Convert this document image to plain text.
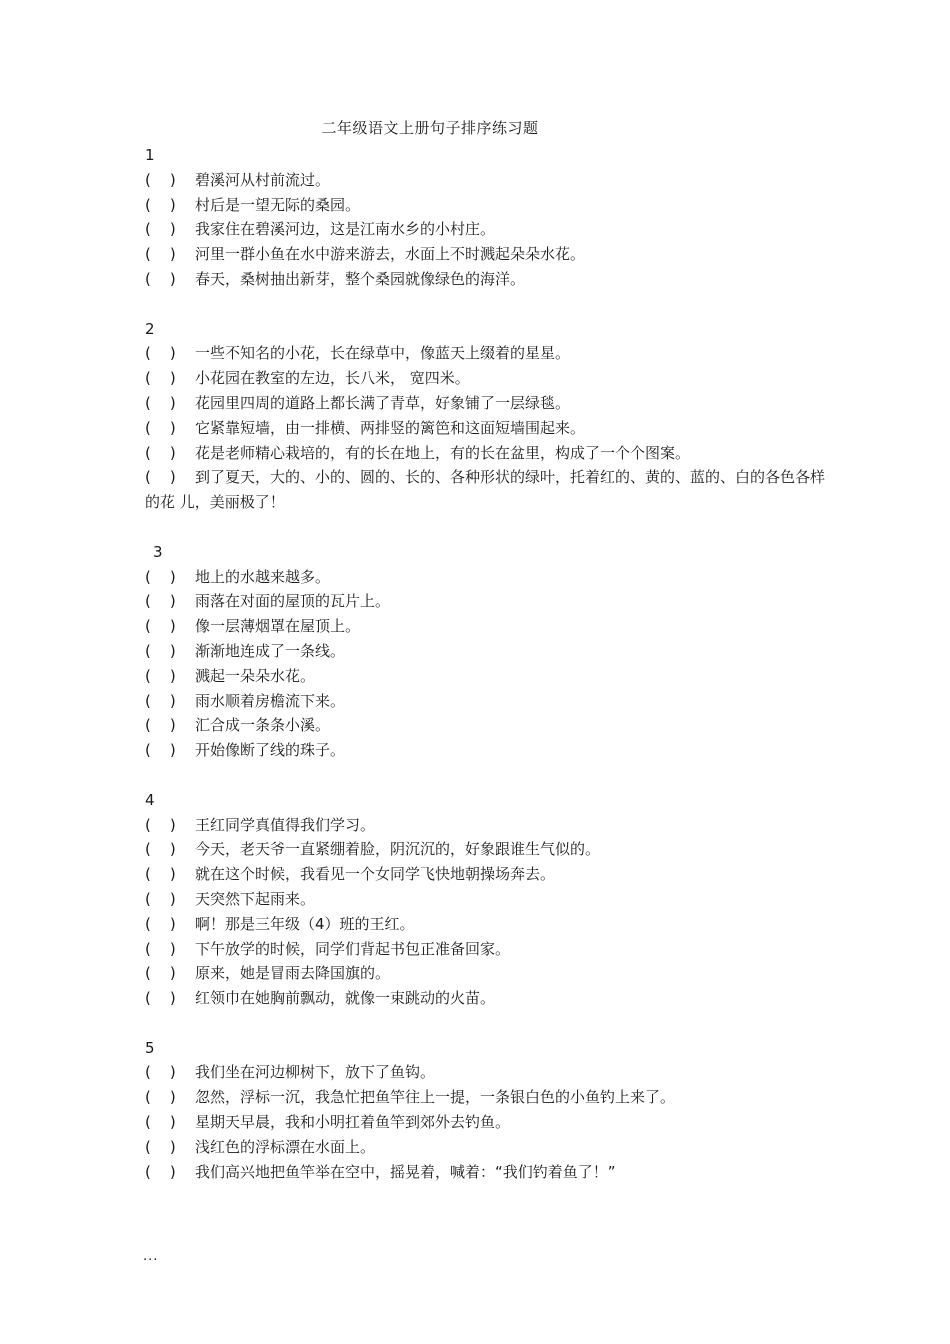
二年级语文上册句子排序练习题
1
(    )	碧溪河从村前流过。
(    )	村后是一望无际的桑园。
(    )	我家住在碧溪河边，这是江南水乡的小村庄。
(    )	河里一群小鱼在水中游来游去，水面上不时溅起朵朵水花。
(    )	春天，桑树抽出新芽，整个桑园就像绿色的海洋。
2
(    )	一些不知名的小花，长在绿草中，像蓝天上缀着的星星。
(    )	小花园在教室的左边，长八米， 宽四米。
(    )	花园里四周的道路上都长满了青草，好象铺了一层绿毯。
(    )	它紧靠短墙，由一排横、两排竖的篱笆和这面短墙围起来。
(    )	花是老师精心栽培的，有的长在地上，有的长在盆里，构成了一个个图案。
(    ) 到了夏天，大的、小的、圆的、长的、各种形状的绿叶，托着红的、黄的、蓝的、白的各色各样的花 儿，美丽极了！
3
(    )	地上的水越来越多。
(    )	雨落在对面的屋顶的瓦片上。
(    )	像一层薄烟罩在屋顶上。
(    )	渐渐地连成了一条线。
(    )	溅起一朵朵水花。
(    )	雨水顺着房檐流下来。
(    )	汇合成一条条小溪。
(    )	开始像断了线的珠子。
4
(    )	王红同学真值得我们学习。
(    )	今天，老天爷一直紧绷着脸，阴沉沉的，好象跟谁生气似的。
(    )	就在这个时候，我看见一个女同学飞快地朝操场奔去。
(    )	天突然下起雨来。
(    )	啊！那是三年级（4）班的王红。
(    )	下午放学的时候，同学们背起书包正准备回家。
(    )	原来，她是冒雨去降国旗的。
(    )	红领巾在她胸前飘动，就像一束跳动的火苗。
5
(    )	我们坐在河边柳树下，放下了鱼钩。
(    )	忽然，浮标一沉，我急忙把鱼竿往上一提，一条银白色的小鱼钓上来了。
(    )	星期天早晨，我和小明扛着鱼竿到郊外去钓鱼。
(    )	浅红色的浮标漂在水面上。
(    )	我们高兴地把鱼竿举在空中，摇晃着，喊着：“我们钓着鱼了！”
...
